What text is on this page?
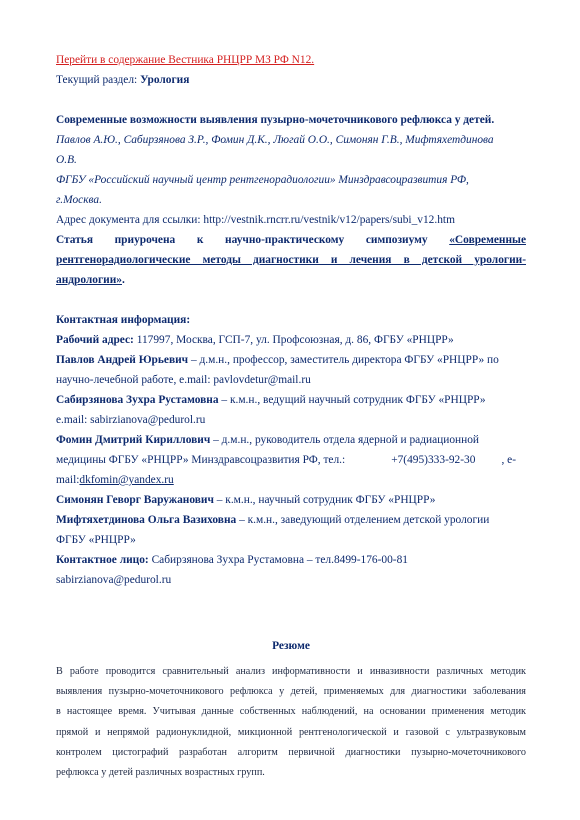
Перейти в содержание Вестника РНЦРР МЗ РФ N12.
Текущий раздел: Урология
Современные возможности выявления пузырно-мочеточникового рефлюкса у детей.
Павлов А.Ю., Сабирзянова З.Р., Фомин Д.К., Люгай О.О., Симонян Г.В., Мифтяхетдинова
О.В.
ФГБУ «Российский научный центр рентгенорадиологии» Минздравсоцразвития РФ,
г.Москва.
Адрес документа для ссылки: http://vestnik.rncrr.ru/vestnik/v12/papers/subi_v12.htm
Статья приурочена к научно-практическому симпозиуму «Современные
рентгенорадиологические методы диагностики и лечения в детской урологии-
андрологии».
Контактная информация:
Рабочий адрес: 117997, Москва, ГСП-7, ул. Профсоюзная, д. 86, ФГБУ «РНЦРР»
Павлов Андрей Юрьевич – д.м.н., профессор, заместитель директора ФГБУ «РНЦРР» по
научно-лечебной работе, e.mail: pavlovdetur@mail.ru
Сабирзянова Зухра Рустамовна – к.м.н., ведущий научный сотрудник ФГБУ «РНЦРР»
e.mail: sabirzianova@pedurol.ru
Фомин Дмитрий Кириллович – д.м.н., руководитель отдела ядерной и радиационной
медицины ФГБУ «РНЦРР» Минздравсоцразвития РФ, тел.:	+7(495)333-92-30 , e-
mail:dkfomin@yandex.ru
Симонян Геворг Варужанович – к.м.н., научный сотрудник ФГБУ «РНЦРР»
Мифтяхетдинова Ольга Вазиховна – к.м.н., заведующий отделением детской урологии
ФГБУ «РНЦРР»
Контактное лицо: Сабирзянова Зухра Рустамовна – тел.8499-176-00-81
sabirzianova@pedurol.ru
Резюме
В работе проводится сравнительный анализ информативности и инвазивности различных методик
выявления пузырно-мочеточникового рефлюкса у детей, применяемых для диагностики заболевания
в настоящее время. Учитывая данные собственных наблюдений, на основании применения методик
прямой и непрямой радионуклидной, микционной рентгенологической и газовой с ультразвуковым
контролем цистографий разработан алгоритм первичной диагностики пузырно-мочеточникового
рефлюкса у детей различных возрастных групп.
